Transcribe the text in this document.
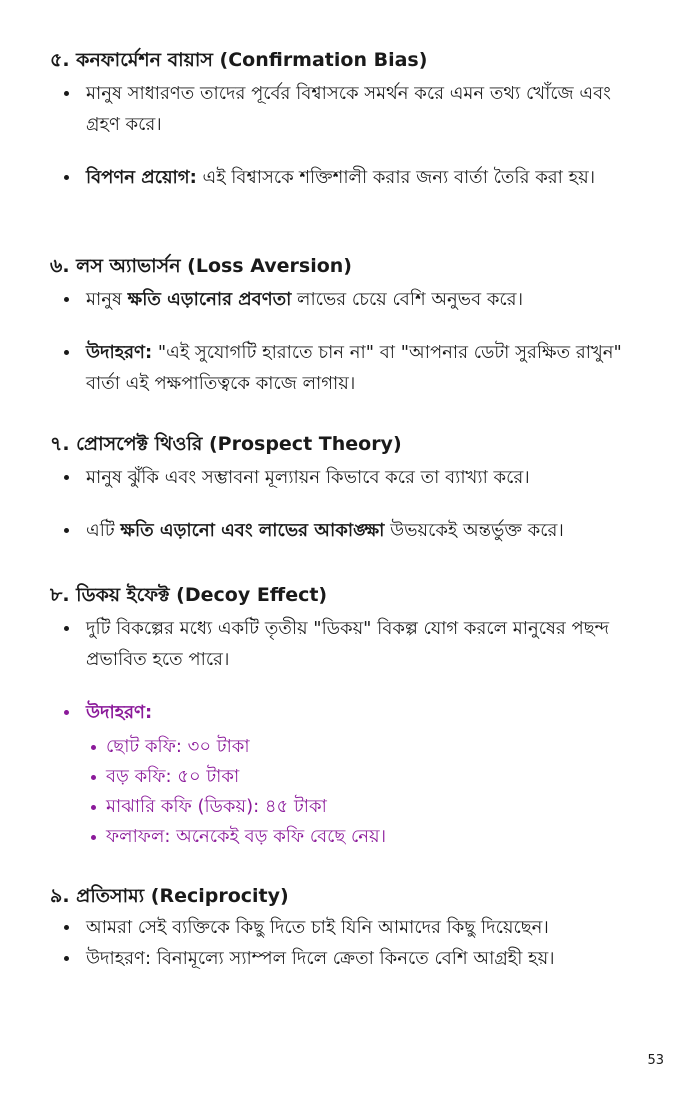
৫. কনফার্মেশন বায়াস (Confirmation Bias)
মানুষ সাধারণত তাদের পূর্বের বিশ্বাসকে সমর্থন করে এমন তথ্য খোঁজে এবং গ্রহণ করে।
বিপণন প্রয়োগ: এই বিশ্বাসকে শক্তিশালী করার জন্য বার্তা তৈরি করা হয়।
৬. লস অ্যাভার্সন (Loss Aversion)
মানুষ ক্ষতি এড়ানোর প্রবণতা লাভের চেয়ে বেশি অনুভব করে।
উদাহরণ: "এই সুযোগটি হারাতে চান না" বা "আপনার ডেটা সুরক্ষিত রাখুন" বার্তা এই পক্ষপাতিত্বকে কাজে লাগায়।
৭. প্রোসপেক্ট থিওরি (Prospect Theory)
মানুষ ঝুঁকি এবং সম্ভাবনা মূল্যায়ন কিভাবে করে তা ব্যাখ্যা করে।
এটি ক্ষতি এড়ানো এবং লাভের আকাঙ্ক্ষা উভয়কেই অন্তর্ভুক্ত করে।
৮. ডিকয় ইফেক্ট (Decoy Effect)
দুটি বিকল্পের মধ্যে একটি তৃতীয় "ডিকয়" বিকল্প যোগ করলে মানুষের পছন্দ প্রভাবিত হতে পারে।
উদাহরণ:
ছোট কফি: ৩০ টাকা
বড় কফি: ৫০ টাকা
মাঝারি কফি (ডিকয়): ৪৫ টাকা
ফলাফল: অনেকেই বড় কফি বেছে নেয়।
৯. প্রতিসাম্য (Reciprocity)
আমরা সেই ব্যক্তিকে কিছু দিতে চাই যিনি আমাদের কিছু দিয়েছেন।
উদাহরণ: বিনামূল্যে স্যাম্পল দিলে ক্রেতা কিনতে বেশি আগ্রহী হয়।
53
